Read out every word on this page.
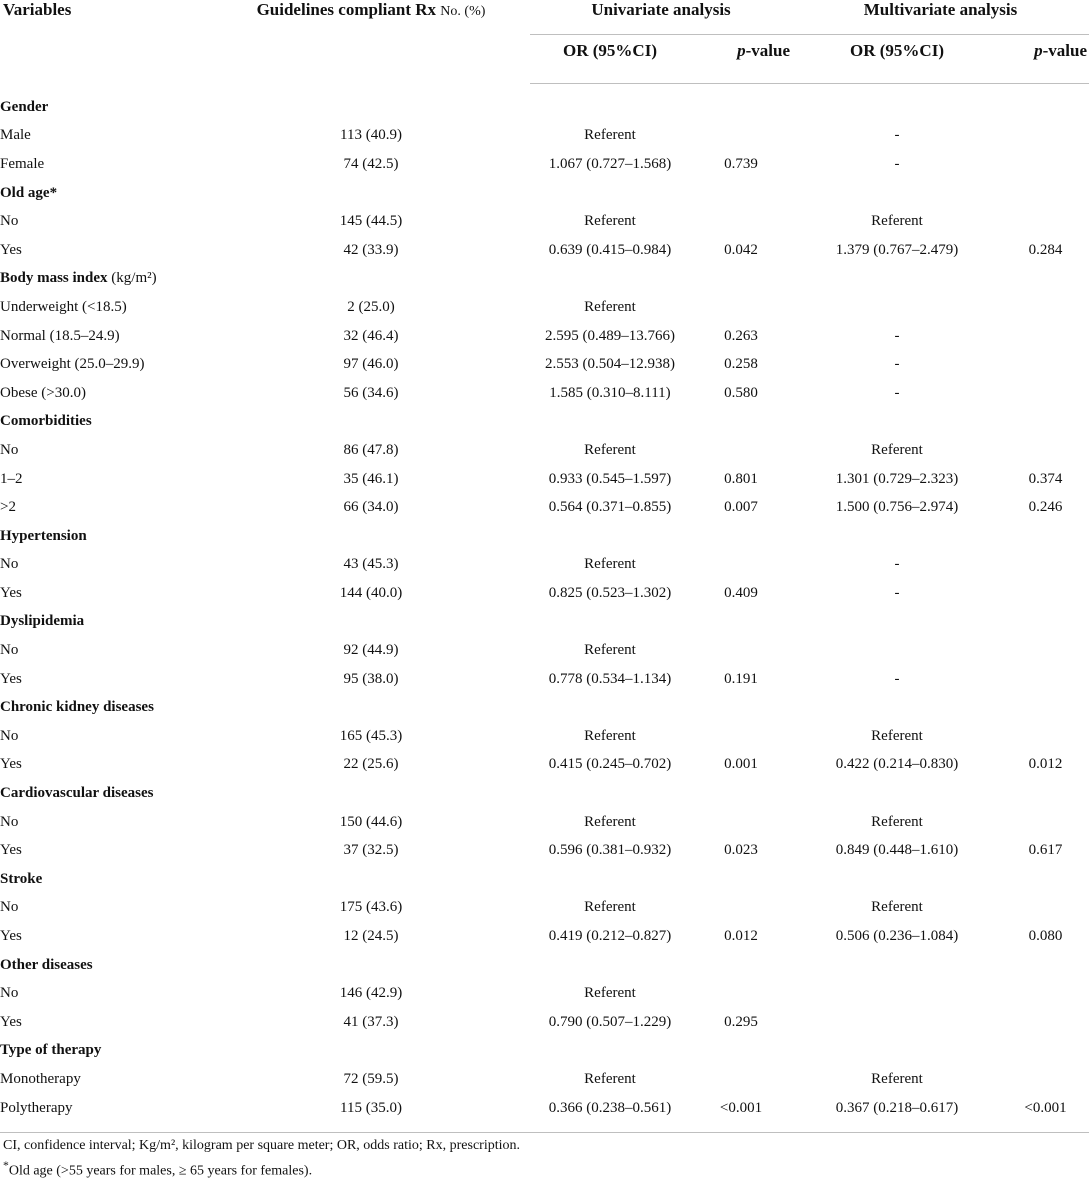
Variables	Guidelines compliant Rx No. (%)	Univariate analysis		Multivariate analysis	
		OR (95%CI)	p-value	OR (95%CI)	p-value

Gender					
Male	113 (40.9)	Referent		-	
Female	74 (42.5)	1.067 (0.727–1.568)	0.739	-	
Old age*					
No	145 (44.5)	Referent		Referent	
Yes	42 (33.9)	0.639 (0.415–0.984)	0.042	1.379 (0.767–2.479)	0.284
Body mass index (kg/m²)					
Underweight (<18.5)	2 (25.0)	Referent			
Normal (18.5–24.9)	32 (46.4)	2.595 (0.489–13.766)	0.263	-	
Overweight (25.0–29.9)	97 (46.0)	2.553 (0.504–12.938)	0.258	-	
Obese (>30.0)	56 (34.6)	1.585 (0.310–8.111)	0.580	-	
Comorbidities					
No	86 (47.8)	Referent		Referent	
1–2	35 (46.1)	0.933 (0.545–1.597)	0.801	1.301 (0.729–2.323)	0.374
>2	66 (34.0)	0.564 (0.371–0.855)	0.007	1.500 (0.756–2.974)	0.246
Hypertension					
No	43 (45.3)	Referent		-	
Yes	144 (40.0)	0.825 (0.523–1.302)	0.409	-	
Dyslipidemia					
No	92 (44.9)	Referent			
Yes	95 (38.0)	0.778 (0.534–1.134)	0.191	-	
Chronic kidney diseases					
No	165 (45.3)	Referent		Referent	
Yes	22 (25.6)	0.415 (0.245–0.702)	0.001	0.422 (0.214–0.830)	0.012
Cardiovascular diseases					
No	150 (44.6)	Referent		Referent	
Yes	37 (32.5)	0.596 (0.381–0.932)	0.023	0.849 (0.448–1.610)	0.617
Stroke					
No	175 (43.6)	Referent		Referent	
Yes	12 (24.5)	0.419 (0.212–0.827)	0.012	0.506 (0.236–1.084)	0.080
Other diseases					
No	146 (42.9)	Referent			
Yes	41 (37.3)	0.790 (0.507–1.229)	0.295		
Type of therapy					
Monotherapy	72 (59.5)	Referent		Referent	
Polytherapy	115 (35.0)	0.366 (0.238–0.561)	<0.001	0.367 (0.218–0.617)	<0.001

CI, confidence interval; Kg/m², kilogram per square meter; OR, odds ratio; Rx, prescription.

*Old age (>55 years for males, ≥ 65 years for females).
